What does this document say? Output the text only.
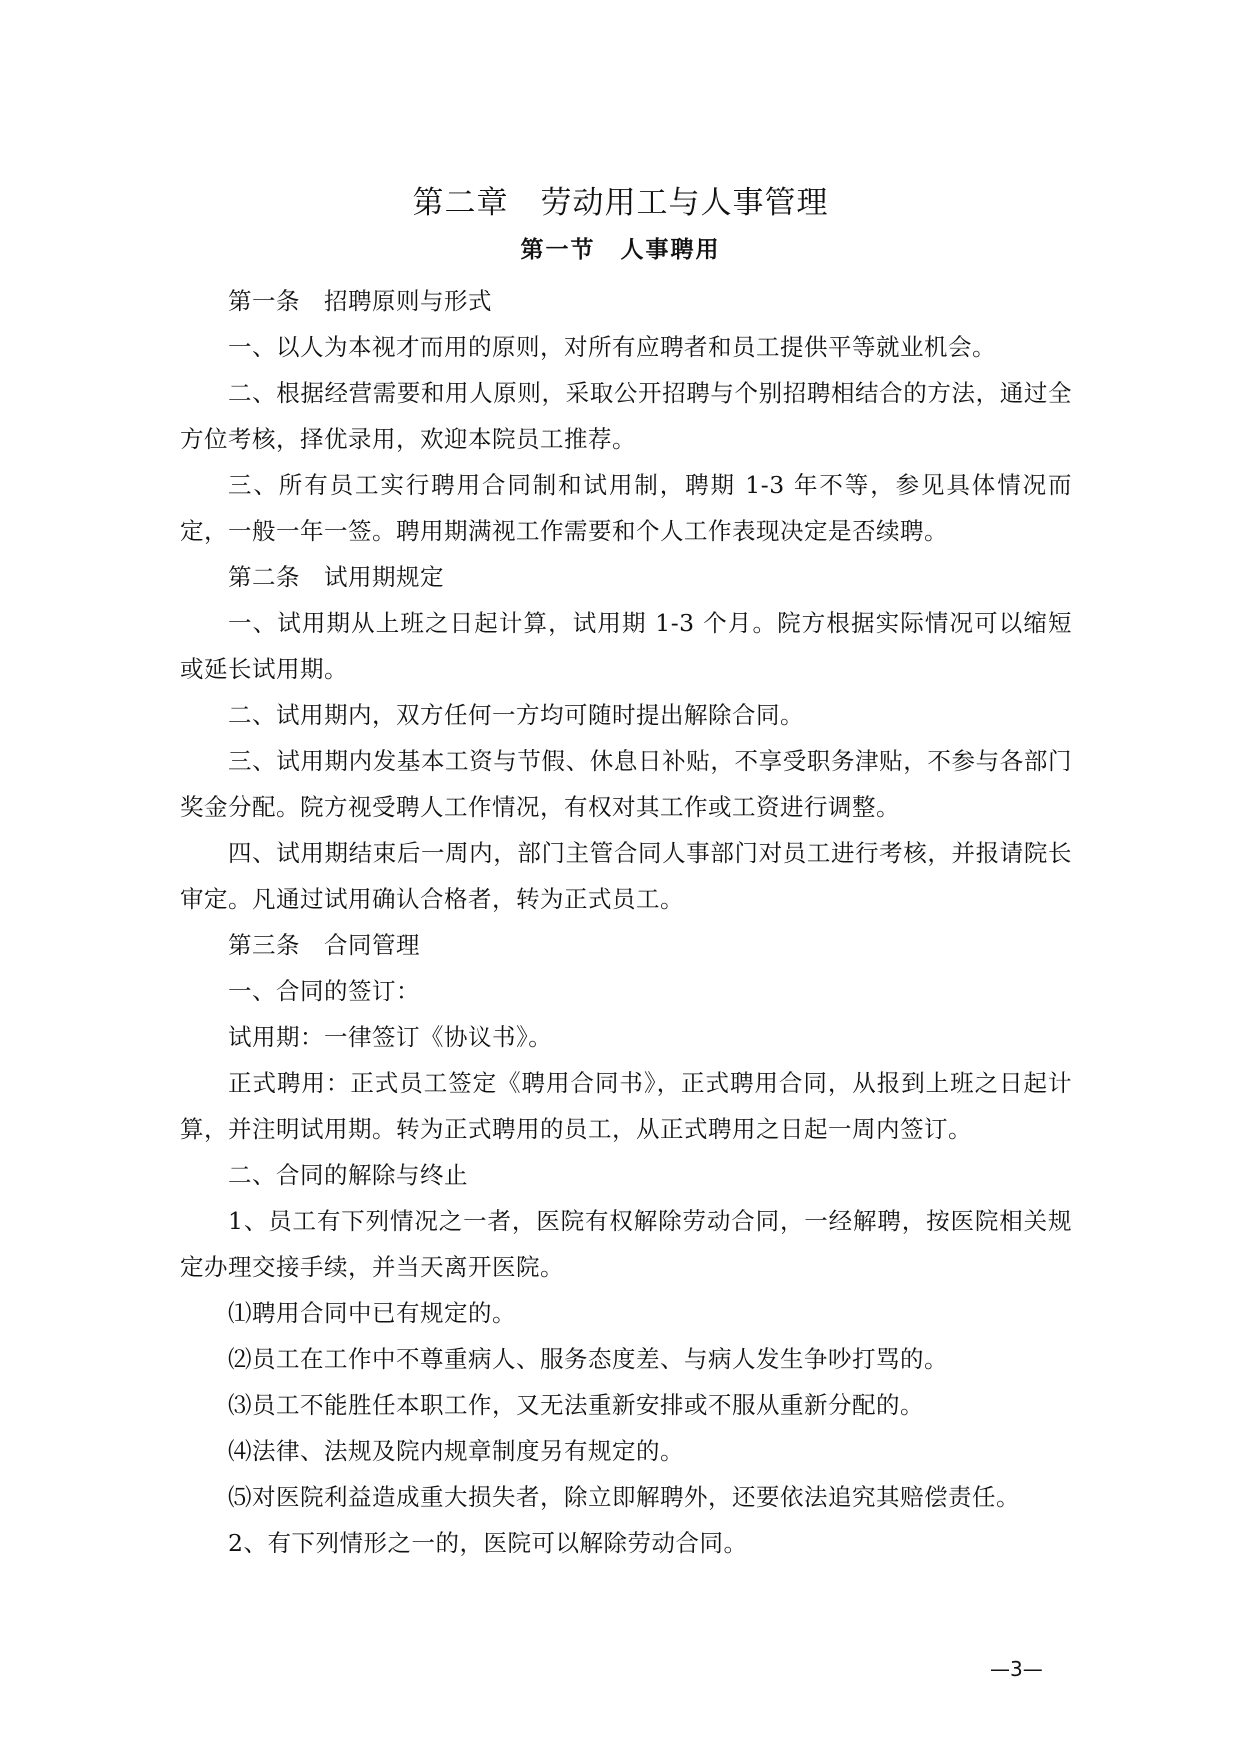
第二章　劳动用工与人事管理
第一节　人事聘用

第一条　招聘原则与形式

一、以人为本视才而用的原则，对所有应聘者和员工提供平等就业机会。

二、根据经营需要和用人原则，采取公开招聘与个别招聘相结合的方法，通过全方位考核，择优录用，欢迎本院员工推荐。

三、所有员工实行聘用合同制和试用制，聘期 1-3 年不等，参见具体情况而定，一般一年一签。聘用期满视工作需要和个人工作表现决定是否续聘。

第二条　试用期规定

一、试用期从上班之日起计算，试用期 1-3 个月。院方根据实际情况可以缩短或延长试用期。

二、试用期内，双方任何一方均可随时提出解除合同。

三、试用期内发基本工资与节假、休息日补贴，不享受职务津贴，不参与各部门奖金分配。院方视受聘人工作情况，有权对其工作或工资进行调整。

四、试用期结束后一周内，部门主管合同人事部门对员工进行考核，并报请院长审定。凡通过试用确认合格者，转为正式员工。

第三条　合同管理

一、合同的签订：

试用期：一律签订《协议书》。

正式聘用：正式员工签定《聘用合同书》，正式聘用合同，从报到上班之日起计算，并注明试用期。转为正式聘用的员工，从正式聘用之日起一周内签订。

二、合同的解除与终止

1、员工有下列情况之一者，医院有权解除劳动合同，一经解聘，按医院相关规定办理交接手续，并当天离开医院。

⑴聘用合同中已有规定的。

⑵员工在工作中不尊重病人、服务态度差、与病人发生争吵打骂的。

⑶员工不能胜任本职工作，又无法重新安排或不服从重新分配的。

⑷法律、法规及院内规章制度另有规定的。

⑸对医院利益造成重大损失者，除立即解聘外，还要依法追究其赔偿责任。

2、有下列情形之一的，医院可以解除劳动合同。

—3—
